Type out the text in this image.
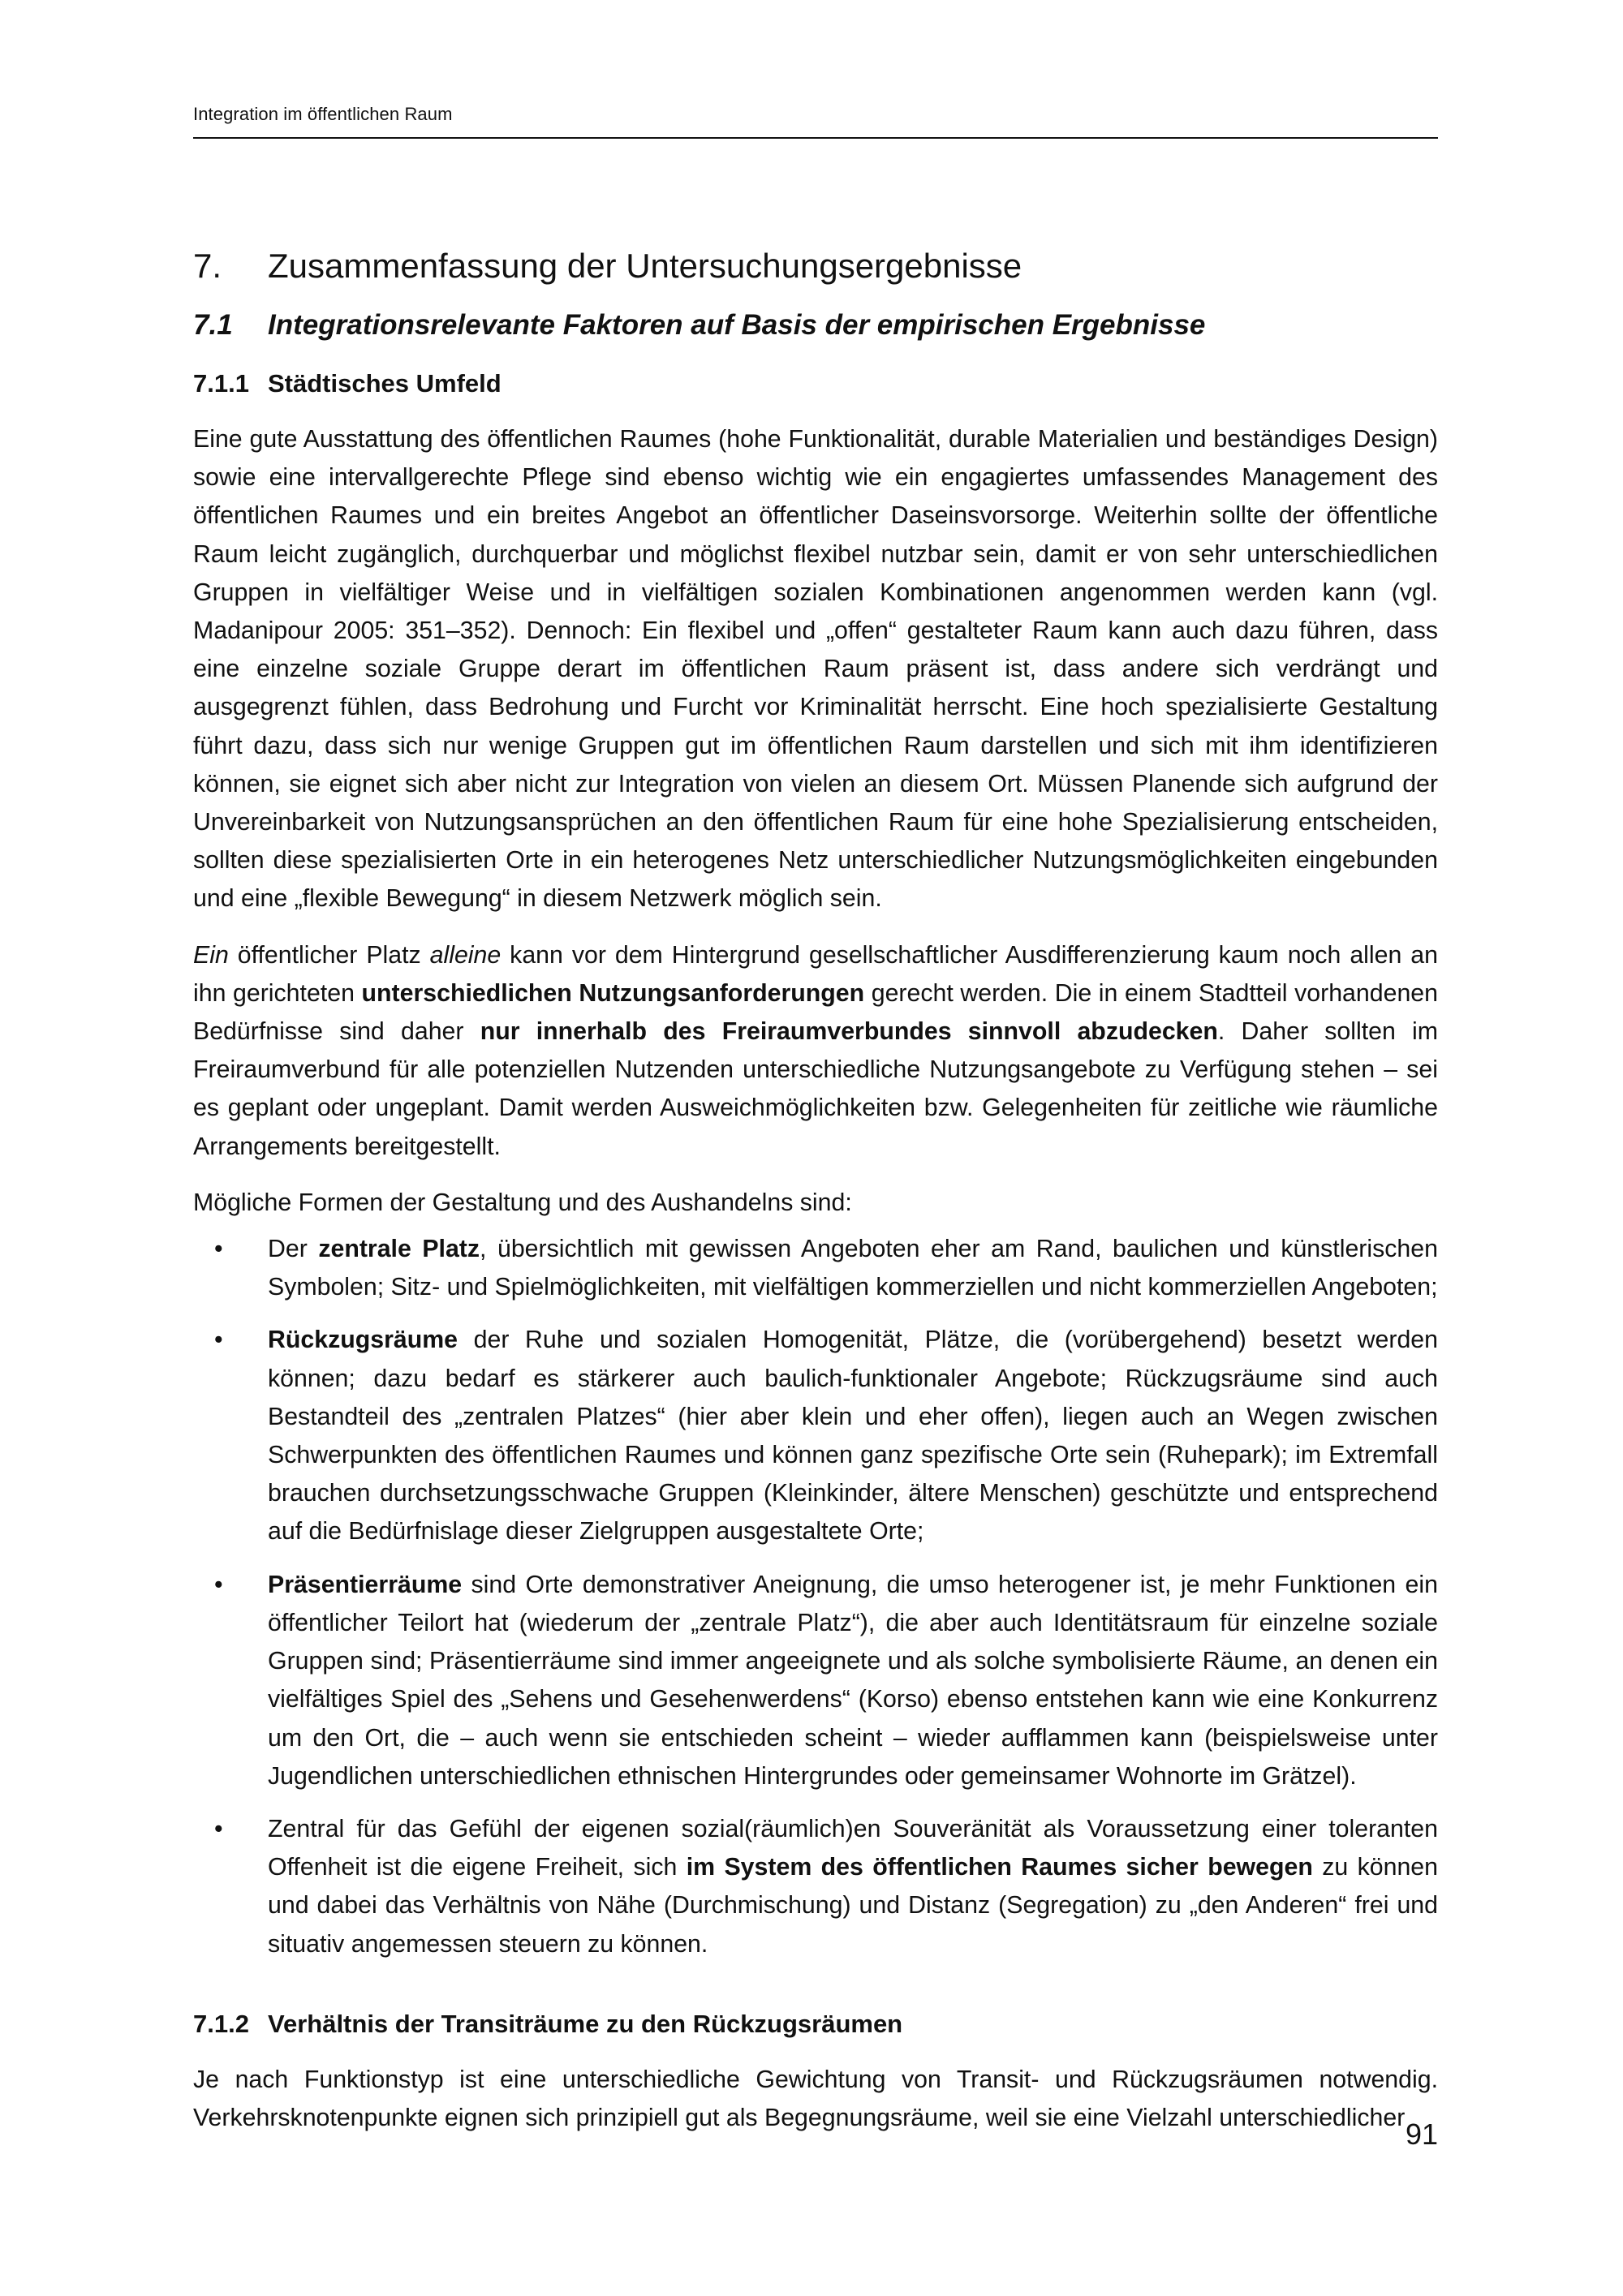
Integration im öffentlichen Raum
7.	Zusammenfassung der Untersuchungsergebnisse
7.1	Integrationsrelevante Faktoren auf Basis der empirischen Ergebnisse
7.1.1 Städtisches Umfeld

Eine gute Ausstattung des öffentlichen Raumes (hohe Funktionalität, durable Materialien und beständiges Design) sowie eine intervallgerechte Pflege sind ebenso wichtig wie ein engagiertes umfassendes Management des öffentlichen Raumes und ein breites Angebot an öffentlicher Daseinsvorsorge. Weiterhin sollte der öffentliche Raum leicht zugänglich, durchquerbar und möglichst flexibel nutzbar sein, damit er von sehr unterschiedlichen Gruppen in vielfältiger Weise und in vielfältigen sozialen Kombinationen angenommen werden kann (vgl. Madanipour 2005: 351–352). Dennoch: Ein flexibel und „offen“ gestalteter Raum kann auch dazu führen, dass eine einzelne soziale Gruppe derart im öffentlichen Raum präsent ist, dass andere sich verdrängt und ausgegrenzt fühlen, dass Bedrohung und Furcht vor Kriminalität herrscht. Eine hoch spezialisierte Gestaltung führt dazu, dass sich nur wenige Gruppen gut im öffentlichen Raum darstellen und sich mit ihm identifizieren können, sie eignet sich aber nicht zur Integration von vielen an diesem Ort. Müssen Planende sich aufgrund der Unvereinbarkeit von Nutzungsansprüchen an den öffentlichen Raum für eine hohe Spezialisierung entscheiden, sollten diese spezialisierten Orte in ein heterogenes Netz unterschiedlicher Nutzungsmöglichkeiten eingebunden und eine „flexible Bewegung“ in diesem Netzwerk möglich sein.

Ein öffentlicher Platz alleine kann vor dem Hintergrund gesellschaftlicher Ausdifferenzierung kaum noch allen an ihn gerichteten unterschiedlichen Nutzungsanforderungen gerecht werden. Die in einem Stadtteil vorhandenen Bedürfnisse sind daher nur innerhalb des Freiraumverbundes sinnvoll abzudecken. Daher sollten im Freiraumverbund für alle potenziellen Nutzenden unterschiedliche Nutzungsangebote zu Verfügung stehen – sei es geplant oder ungeplant. Damit werden Ausweichmöglichkeiten bzw. Gelegenheiten für zeitliche wie räumliche Arrangements bereitgestellt.

Mögliche Formen der Gestaltung und des Aushandelns sind:

• Der zentrale Platz, übersichtlich mit gewissen Angeboten eher am Rand, baulichen und künstlerischen Symbolen; Sitz- und Spielmöglichkeiten, mit vielfältigen kommerziellen und nicht kommerziellen Angeboten;
• Rückzugsräume der Ruhe und sozialen Homogenität, Plätze, die (vorübergehend) besetzt werden können; dazu bedarf es stärkerer auch baulich-funktionaler Angebote; Rückzugsräume sind auch Bestandteil des „zentralen Platzes“ (hier aber klein und eher offen), liegen auch an Wegen zwischen Schwerpunkten des öffentlichen Raumes und können ganz spezifische Orte sein (Ruhepark); im Extremfall brauchen durchsetzungsschwache Gruppen (Kleinkinder, ältere Menschen) geschützte und entsprechend auf die Bedürfnislage dieser Zielgruppen ausgestaltete Orte;
• Präsentierräume sind Orte demonstrativer Aneignung, die umso heterogener ist, je mehr Funktionen ein öffentlicher Teilort hat (wiederum der „zentrale Platz“), die aber auch Identitätsraum für einzelne soziale Gruppen sind; Präsentierräume sind immer angeeignete und als solche symbolisierte Räume, an denen ein vielfältiges Spiel des „Sehens und Gesehenwerdens“ (Korso) ebenso entstehen kann wie eine Konkurrenz um den Ort, die – auch wenn sie entschieden scheint – wieder aufflammen kann (beispielsweise unter Jugendlichen unterschiedlichen ethnischen Hintergrundes oder gemeinsamer Wohnorte im Grätzel).
• Zentral für das Gefühl der eigenen sozial(räumlich)en Souveränität als Voraussetzung einer toleranten Offenheit ist die eigene Freiheit, sich im System des öffentlichen Raumes sicher bewegen zu können und dabei das Verhältnis von Nähe (Durchmischung) und Distanz (Segregation) zu „den Anderen“ frei und situativ angemessen steuern zu können.
7.1.2 Verhältnis der Transiträume zu den Rückzugsräumen

Je nach Funktionstyp ist eine unterschiedliche Gewichtung von Transit- und Rückzugsräumen notwendig. Verkehrsknotenpunkte eignen sich prinzipiell gut als Begegnungsräume, weil sie eine Vielzahl unterschiedlicher 91
